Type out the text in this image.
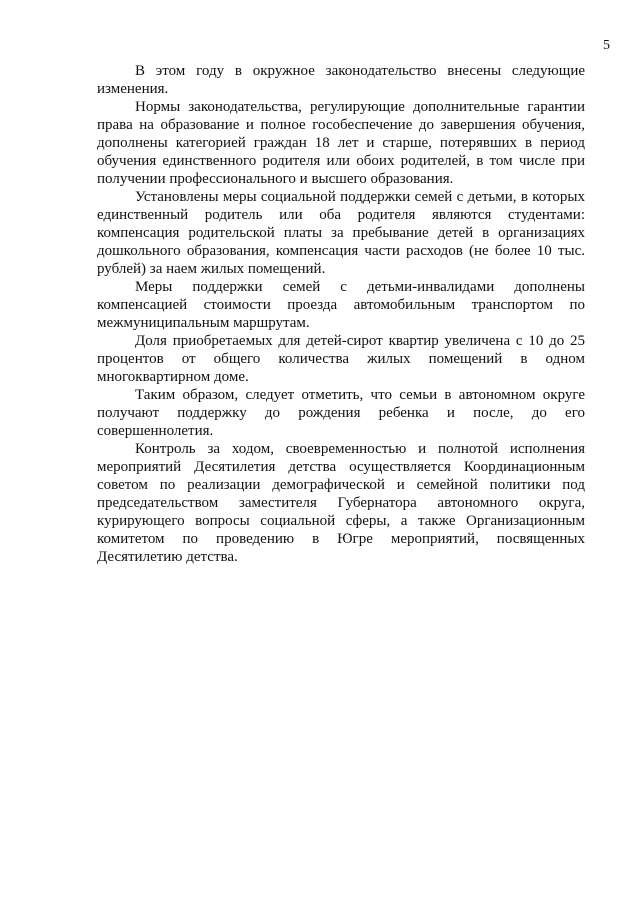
5

В этом году в окружное законодательство внесены следующие изменения.

Нормы законодательства, регулирующие дополнительные гарантии права на образование и полное гособеспечение до завершения обучения, дополнены категорией граждан 18 лет и старше, потерявших в период обучения единственного родителя или обоих родителей, в том числе при получении профессионального и высшего образования.

Установлены меры социальной поддержки семей с детьми, в которых единственный родитель или оба родителя являются студентами: компенсация родительской платы за пребывание детей в организациях дошкольного образования, компенсация части расходов (не более 10 тыс. рублей) за наем жилых помещений.

Меры поддержки семей с детьми-инвалидами дополнены компенсацией стоимости проезда автомобильным транспортом по межмуниципальным маршрутам.

Доля приобретаемых для детей-сирот квартир увеличена с 10 до 25 процентов от общего количества жилых помещений в одном многоквартирном доме.

Таким образом, следует отметить, что семьи в автономном округе получают поддержку до рождения ребенка и после, до его совершеннолетия.

Контроль за ходом, своевременностью и полнотой исполнения мероприятий Десятилетия детства осуществляется Координационным советом по реализации демографической и семейной политики под председательством заместителя Губернатора автономного округа, курирующего вопросы социальной сферы, а также Организационным комитетом по проведению в Югре мероприятий, посвященных Десятилетию детства.
